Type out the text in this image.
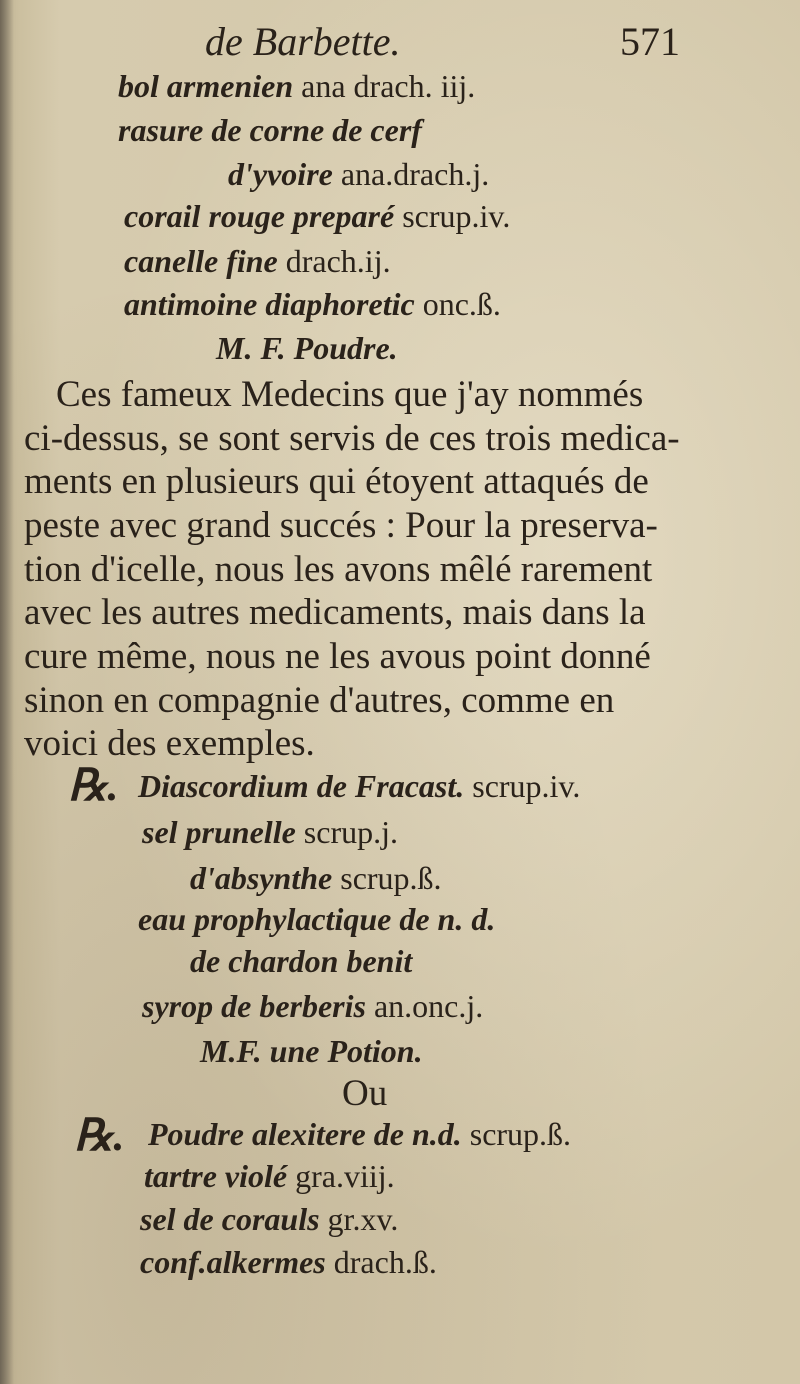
de Barbette.	571
bol armenien ana drach. iij.
rasure de corne de cerf
d'yvoire ana.drach.j.
corail rouge preparé scrup.iv.
canelle fine drach.ij.
antimoine diaphoretic onc.ß.
M. F. Poudre.
Ces fameux Medecins que j'ay nommés
ci-dessus, se sont servis de ces trois medica-
ments en plusieurs qui étoyent attaqués de
peste avec grand succés : Pour la preserva-
tion d'icelle, nous les avons mêlé rarement
avec les autres medicaments, mais dans la
cure même, nous ne les avous point donné
sinon en compagnie d'autres, comme en
voici des exemples.
℞. Diascordium de Fracast. scrup.iv.
sel prunelle scrup.j.
d'absynthe scrup.ß.
eau prophylactique de n. d.
de chardon benit
syrop de berberis an.onc.j.
M.F. une Potion.
Ou
℞. Poudre alexitere de n.d. scrup.ß.
tartre violé gra.viij.
sel de corauls gr.xv.
conf.alkermes drach.ß.
